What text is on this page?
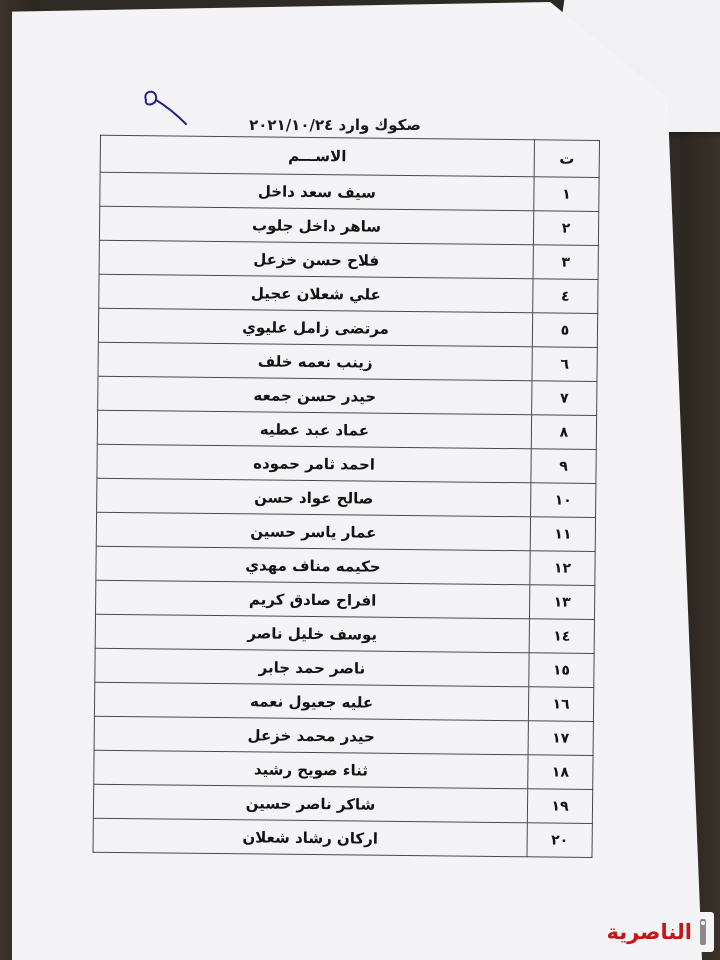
صكوك وارد ٢٠٢١/١٠/٢٤
ت	الاســـم
١	سيف سعد داخل
٢	ساهر داخل جلوب
٣	فلاح حسن خزعل
٤	علي شعلان عجيل
٥	مرتضى زامل عليوي
٦	زينب نعمه خلف
٧	حيدر حسن جمعه
٨	عماد عبد عطيه
٩	احمد ثامر حموده
١٠	صالح عواد حسن
١١	عمار ياسر حسين
١٢	حكيمه مناف مهدي
١٣	افراح صادق كريم
١٤	يوسف خليل ناصر
١٥	ناصر حمد جابر
١٦	عليه جعيول نعمه
١٧	حيدر محمد خزعل
١٨	ثناء صويح رشيد
١٩	شاكر ناصر حسين
٢٠	اركان رشاد شعلان
الناصرية
